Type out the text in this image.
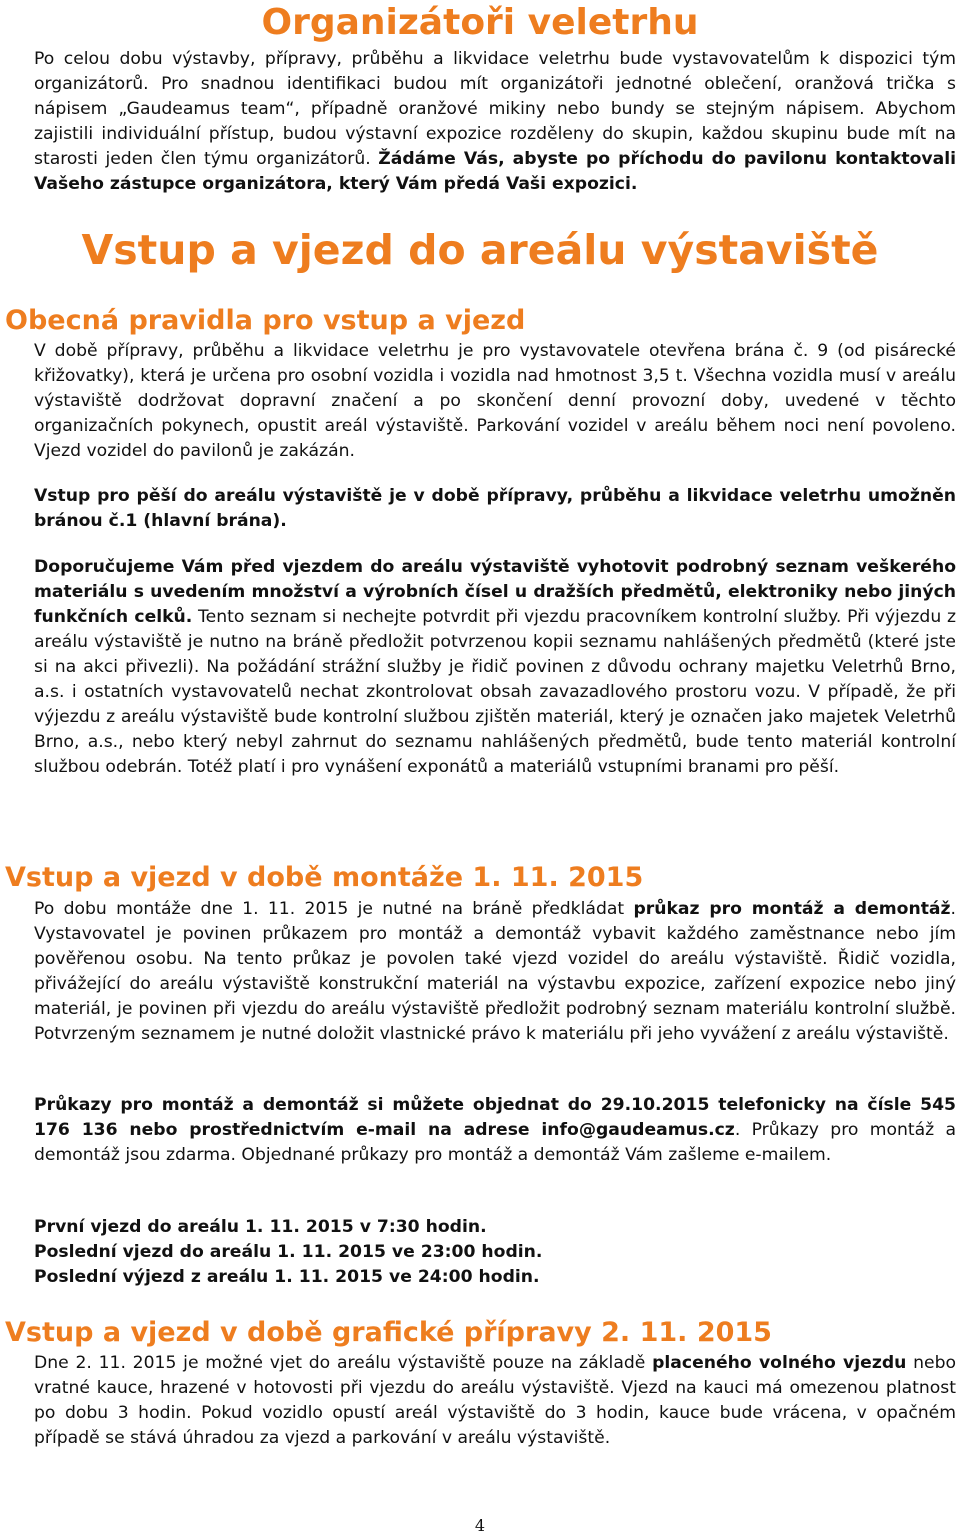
Organizátoři veletrhu
Po celou dobu výstavby, přípravy, průběhu a likvidace veletrhu bude vystavovatelům k dispozici tým organizátorů. Pro snadnou identifikaci budou mít organizátoři jednotné oblečení, oranžová trička s nápisem „Gaudeamus team“, případně oranžové mikiny nebo bundy se stejným nápisem. Abychom zajistili individuální přístup, budou výstavní expozice rozděleny do skupin, každou skupinu bude mít na starosti jeden člen týmu organizátorů. Žádáme Vás, abyste po příchodu do pavilonu kontaktovali Vašeho zástupce organizátora, který Vám předá Vaši expozici.
Vstup a vjezd do areálu výstaviště
Obecná pravidla pro vstup a vjezd
V době přípravy, průběhu a likvidace veletrhu je pro vystavovatele otevřena brána č. 9 (od pisárecké křižovatky), která je určena pro osobní vozidla i vozidla nad hmotnost 3,5 t. Všechna vozidla musí v areálu výstaviště dodržovat dopravní značení a po skončení denní provozní doby, uvedené v těchto organizačních pokynech, opustit areál výstaviště. Parkování vozidel v areálu během noci není povoleno. Vjezd vozidel do pavilonů je zakázán.
Vstup pro pěší do areálu výstaviště je v době přípravy, průběhu a likvidace veletrhu umožněn bránou č.1 (hlavní brána).
Doporučujeme Vám před vjezdem do areálu výstaviště vyhotovit podrobný seznam veškerého materiálu s uvedením množství a výrobních čísel u dražších předmětů, elektroniky nebo jiných funkčních celků. Tento seznam si nechejte potvrdit při vjezdu pracovníkem kontrolní služby. Při výjezdu z areálu výstaviště je nutno na bráně předložit potvrzenou kopii seznamu nahlášených předmětů (které jste si na akci přivezli). Na požádání strážní služby je řidič povinen z důvodu ochrany majetku Veletrhů Brno, a.s. i ostatních vystavovatelů nechat zkontrolovat obsah zavazadlového prostoru vozu. V případě, že při výjezdu z areálu výstaviště bude kontrolní službou zjištěn materiál, který je označen jako majetek Veletrhů Brno, a.s., nebo který nebyl zahrnut do seznamu nahlášených předmětů, bude tento materiál kontrolní službou odebrán. Totéž platí i pro vynášení exponátů a materiálů vstupními branami pro pěší.
Vstup a vjezd v době montáže 1. 11. 2015
Po dobu montáže dne 1. 11. 2015 je nutné na bráně předkládat průkaz pro montáž a demontáž. Vystavovatel je povinen průkazem pro montáž a demontáž vybavit každého zaměstnance nebo jím pověřenou osobu. Na tento průkaz je povolen také vjezd vozidel do areálu výstaviště. Řidič vozidla, přivážející do areálu výstaviště konstrukční materiál na výstavbu expozice, zařízení expozice nebo jiný materiál, je povinen při vjezdu do areálu výstaviště předložit podrobný seznam materiálu kontrolní službě. Potvrzeným seznamem je nutné doložit vlastnické právo k materiálu při jeho vyvážení z areálu výstaviště.
Průkazy pro montáž a demontáž si můžete objednat do 29.10.2015 telefonicky na čísle 545 176 136 nebo prostřednictvím e-mail na adrese info@gaudeamus.cz. Průkazy pro montáž a demontáž jsou zdarma. Objednané průkazy pro montáž a demontáž Vám zašleme e-mailem.
První vjezd do areálu 1. 11. 2015 v 7:30 hodin.
Poslední vjezd do areálu 1. 11. 2015 ve 23:00 hodin.
Poslední výjezd z areálu 1. 11. 2015 ve 24:00 hodin.
Vstup a vjezd v době grafické přípravy 2. 11. 2015
Dne 2. 11. 2015 je možné vjet do areálu výstaviště pouze na základě placeného volného vjezdu nebo vratné kauce, hrazené v hotovosti při vjezdu do areálu výstaviště. Vjezd na kauci má omezenou platnost po dobu 3 hodin. Pokud vozidlo opustí areál výstaviště do 3 hodin, kauce bude vrácena, v opačném případě se stává úhradou za vjezd a parkování v areálu výstaviště.
4
